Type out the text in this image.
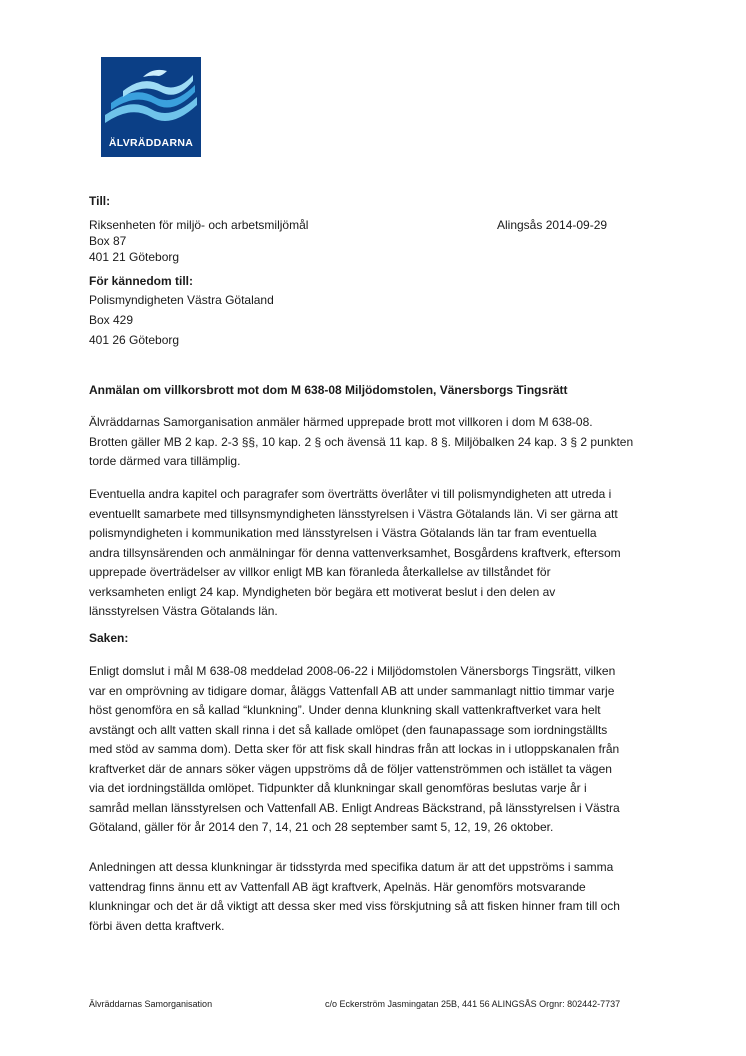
ÄLVRÄDDARNA
Till:
Riksenheten för miljö- och arbetsmiljömål
Box 87
401 21 Göteborg
Alingsås 2014-09-29
För kännedom till:
Polismyndigheten Västra Götaland
Box 429
401 26 Göteborg
Anmälan om villkorsbrott mot dom M 638-08 Miljödomstolen, Vänersborgs Tingsrätt
Älvräddarnas Samorganisation anmäler härmed upprepade brott mot villkoren i dom M 638-08.
Brotten gäller MB 2 kap. 2-3 §§, 10 kap. 2 § och ävensä 11 kap. 8 §. Miljöbalken 24 kap. 3 § 2 punkten
torde därmed vara tillämplig.
Eventuella andra kapitel och paragrafer som överträtts överlåter vi till polismyndigheten att utreda i
eventuellt samarbete med tillsynsmyndigheten länsstyrelsen i Västra Götalands län. Vi ser gärna att
polismyndigheten i kommunikation med länsstyrelsen i Västra Götalands län tar fram eventuella
andra tillsynsärenden och anmälningar för denna vattenverksamhet, Bosgårdens kraftverk, eftersom
upprepade överträdelser av villkor enligt MB kan föranleda återkallelse av tillståndet för
verksamheten enligt 24 kap. Myndigheten bör begära ett motiverat beslut i den delen av
länsstyrelsen Västra Götalands län.
Saken:
Enligt domslut i mål M 638-08 meddelad 2008-06-22 i Miljödomstolen Vänersborgs Tingsrätt, vilken
var en omprövning av tidigare domar, åläggs Vattenfall AB att under sammanlagt nittio timmar varje
höst genomföra en så kallad “klunkning”. Under denna klunkning skall vattenkraftverket vara helt
avstängt och allt vatten skall rinna i det så kallade omlöpet (den faunapassage som iordningställts
med stöd av samma dom). Detta sker för att fisk skall hindras från att lockas in i utloppskanalen från
kraftverket där de annars söker vägen uppströms då de följer vattenströmmen och istället ta vägen
via det iordningställda omlöpet. Tidpunkter då klunkningar skall genomföras beslutas varje år i
samråd mellan länsstyrelsen och Vattenfall AB. Enligt Andreas Bäckstrand, på länsstyrelsen i Västra
Götaland, gäller för år 2014 den 7, 14, 21 och 28 september samt 5, 12, 19, 26 oktober.
Anledningen att dessa klunkningar är tidsstyrda med specifika datum är att det uppströms i samma
vattendrag finns ännu ett av Vattenfall AB ägt kraftverk, Apelnäs. Här genomförs motsvarande
klunkningar och det är då viktigt att dessa sker med viss förskjutning så att fisken hinner fram till och
förbi även detta kraftverk.
Älvräddarnas Samorganisation	c/o Eckerström Jasmingatan 25B, 441 56 ALINGSÅS Orgnr: 802442-7737
